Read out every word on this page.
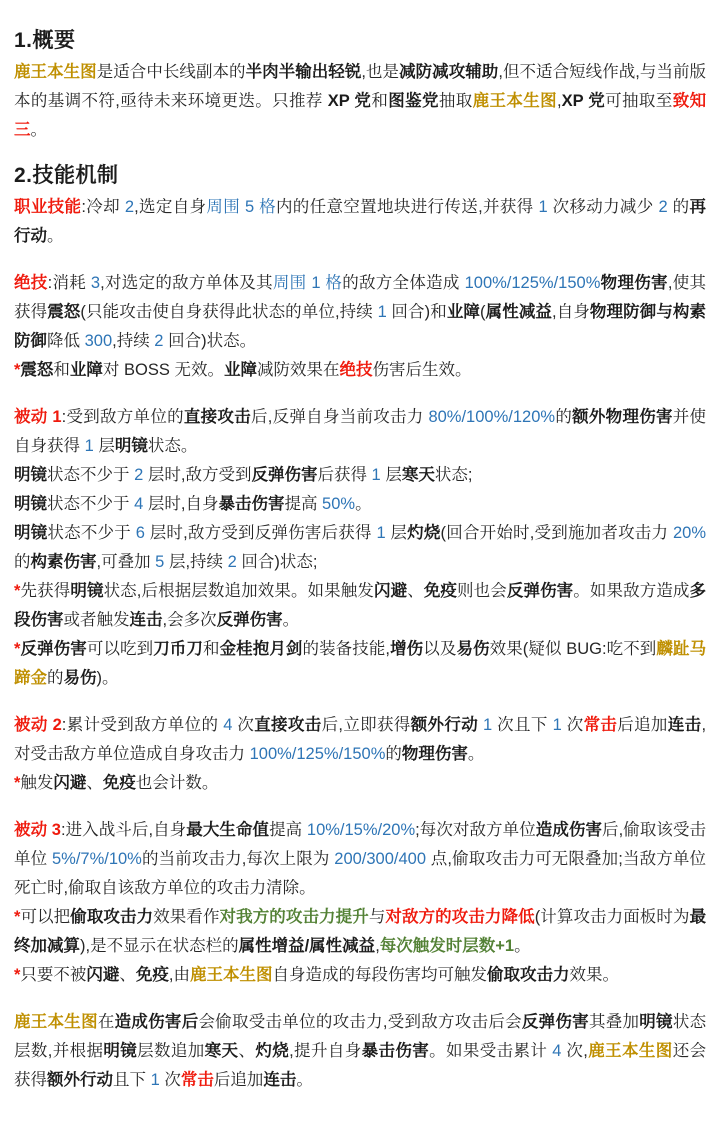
1.概要

鹿王本生图是适合中长线副本的半肉半输出轻锐,也是减防减攻辅助,但不适合短线作战,与当前版本的基调不符,亟待未来环境更迭。只推荐 XP 党和图鉴党抽取鹿王本生图,XP 党可抽取至致知三。

2.技能机制

职业技能:冷却 2,选定自身周围 5 格内的任意空置地块进行传送,并获得 1 次移动力减少 2 的再行动。

绝技:消耗 3,对选定的敌方单体及其周围 1 格的敌方全体造成 100%/125%/150%物理伤害,使其获得震怒(只能攻击使自身获得此状态的单位,持续 1 回合)和业障(属性减益,自身物理防御与构素防御降低 300,持续 2 回合)状态。

*震怒和业障对 BOSS 无效。业障减防效果在绝技伤害后生效。

被动 1:受到敌方单位的直接攻击后,反弹自身当前攻击力 80%/100%/120%的额外物理伤害并使自身获得 1 层明镜状态。

明镜状态不少于 2 层时,敌方受到反弹伤害后获得 1 层寒天状态;

明镜状态不少于 4 层时,自身暴击伤害提高 50%。

明镜状态不少于 6 层时,敌方受到反弹伤害后获得 1 层灼烧(回合开始时,受到施加者攻击力 20%的构素伤害,可叠加 5 层,持续 2 回合)状态;

*先获得明镜状态,后根据层数追加效果。如果触发闪避、免疫则也会反弹伤害。如果敌方造成多段伤害或者触发连击,会多次反弹伤害。

*反弹伤害可以吃到刀币刀和金桂抱月剑的装备技能,增伤以及易伤效果(疑似 BUG:吃不到麟趾马蹄金的易伤)。

被动 2:累计受到敌方单位的 4 次直接攻击后,立即获得额外行动 1 次且下 1 次常击后追加连击,对受击敌方单位造成自身攻击力 100%/125%/150%的物理伤害。

*触发闪避、免疫也会计数。

被动 3:进入战斗后,自身最大生命值提高 10%/15%/20%;每次对敌方单位造成伤害后,偷取该受击单位 5%/7%/10%的当前攻击力,每次上限为 200/300/400 点,偷取攻击力可无限叠加;当敌方单位死亡时,偷取自该敌方单位的攻击力清除。

*可以把偷取攻击力效果看作对我方的攻击力提升与对敌方的攻击力降低(计算攻击力面板时为最终加减算),是不显示在状态栏的属性增益/属性减益,每次触发时层数+1。

*只要不被闪避、免疫,由鹿王本生图自身造成的每段伤害均可触发偷取攻击力效果。

鹿王本生图在造成伤害后会偷取受击单位的攻击力,受到敌方攻击后会反弹伤害其叠加明镜状态层数,并根据明镜层数追加寒天、灼烧,提升自身暴击伤害。如果受击累计 4 次,鹿王本生图还会获得额外行动且下 1 次常击后追加连击。
